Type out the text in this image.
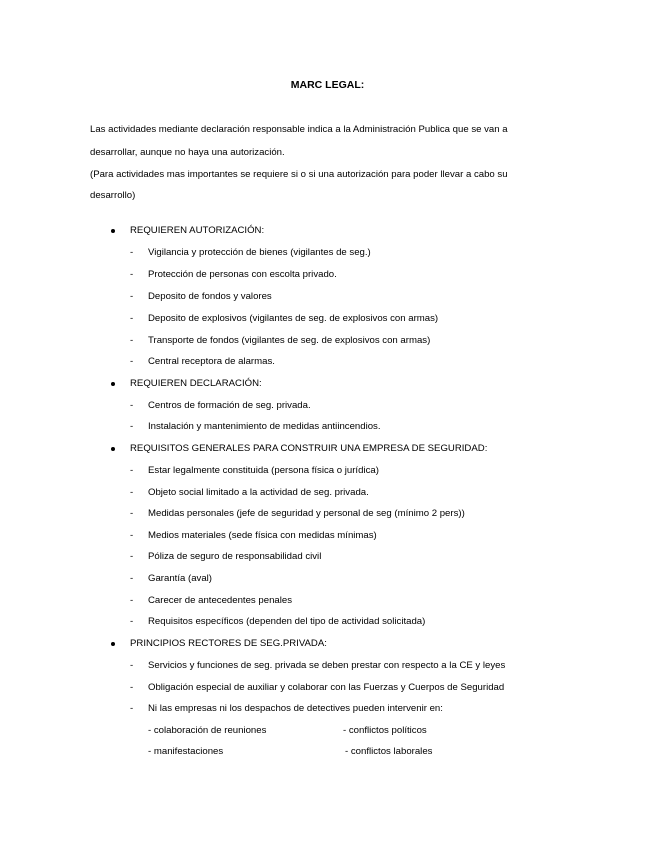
MARC LEGAL:
Las actividades mediante declaración responsable indica a la Administración Publica que se van a
desarrollar, aunque no haya una autorización.
(Para actividades mas importantes se requiere si o si una autorización para poder llevar a cabo su
desarrollo)
REQUIEREN AUTORIZACIÓN:
- Vigilancia y protección de bienes (vigilantes de seg.)
- Protección de personas con escolta privado.
- Deposito de fondos y valores
- Deposito de explosivos (vigilantes de seg. de explosivos con armas)
- Transporte de fondos (vigilantes de seg. de explosivos con armas)
- Central receptora de alarmas.
REQUIEREN DECLARACIÓN:
- Centros de formación de seg. privada.
- Instalación y mantenimiento de medidas antiincendios.
REQUISITOS GENERALES PARA CONSTRUIR UNA EMPRESA DE SEGURIDAD:
- Estar legalmente constituida (persona física o jurídica)
- Objeto social limitado a la actividad de seg. privada.
- Medidas personales (jefe de seguridad y personal de seg (mínimo 2 pers))
- Medios materiales (sede física con medidas mínimas)
- Póliza de seguro de responsabilidad civil
- Garantía (aval)
- Carecer de antecedentes penales
- Requisitos específicos (dependen del tipo de actividad solicitada)
PRINCIPIOS RECTORES DE SEG.PRIVADA:
- Servicios y funciones de seg. privada se deben prestar con respecto a la CE y leyes
- Obligación especial de auxiliar y colaborar con las Fuerzas y Cuerpos de Seguridad
- Ni las empresas ni los despachos de detectives pueden intervenir en:
- colaboración de reuniones	- conflictos políticos
- manifestaciones	- conflictos laborales
